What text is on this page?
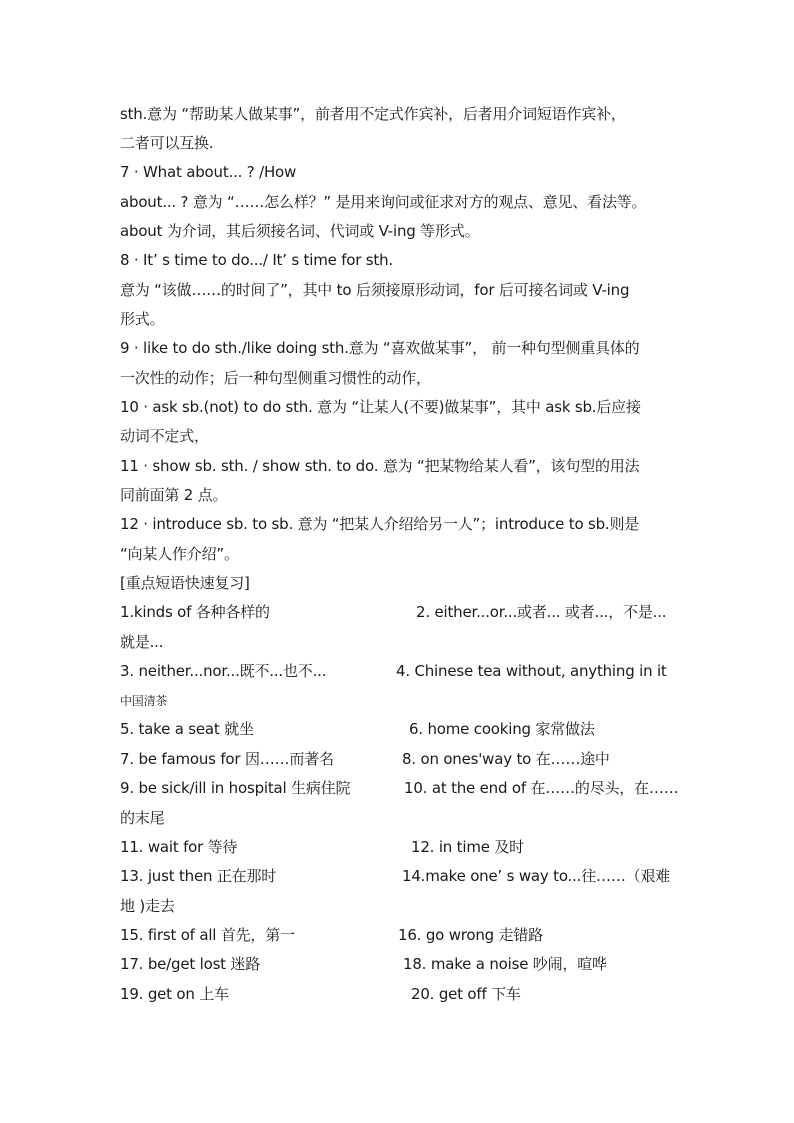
sth.意为 “帮助某人做某事”，前者用不定式作宾补，后者用介词短语作宾补，
二者可以互换.
7 · What about... ? /How
about... ? 意为 “……怎么样？” 是用来询问或征求对方的观点、意见、看法等。
about 为介词，其后须接名词、代词或 V-ing 等形式。
8 · It’ s time to do.../ It’ s time for sth.
意为 “该做……的时间了”，其中 to 后须接原形动词，for 后可接名词或 V-ing
形式。
9 · like to do sth./like doing sth.意为 “喜欢做某事”， 前一种句型侧重具体的
一次性的动作；后一种句型侧重习惯性的动作，
10 · ask sb.(not) to do sth. 意为 “让某人(不要)做某事”，其中 ask sb.后应接
动词不定式，
11 · show sb. sth. / show sth. to do. 意为 “把某物给某人看”，该句型的用法
同前面第 2 点。
12 · introduce sb. to sb. 意为 “把某人介绍给另一人”；introduce to sb.则是
“向某人作介绍”。
[重点短语快速复习]
1.kinds of 各种各样的	2. either...or...或者... 或者...，不是...
就是...
3. neither...nor...既不...也不...	4. Chinese tea without, anything in it
中国清茶
5. take a seat 就坐	6. home cooking 家常做法
7. be famous for 因……而著名	8. on ones'way to 在……途中
9. be sick/ill in hospital 生病住院	10. at the end of 在……的尽头，在……
的末尾
11. wait for 等待	12. in time 及时
13. just then 正在那时	14.make one’ s way to...往……（艰难
地 )走去
15. first of all 首先，第一	16. go wrong 走错路
17. be/get lost 迷路	18. make a noise 吵闹，喧哗
19. get on 上车	20. get off 下车
